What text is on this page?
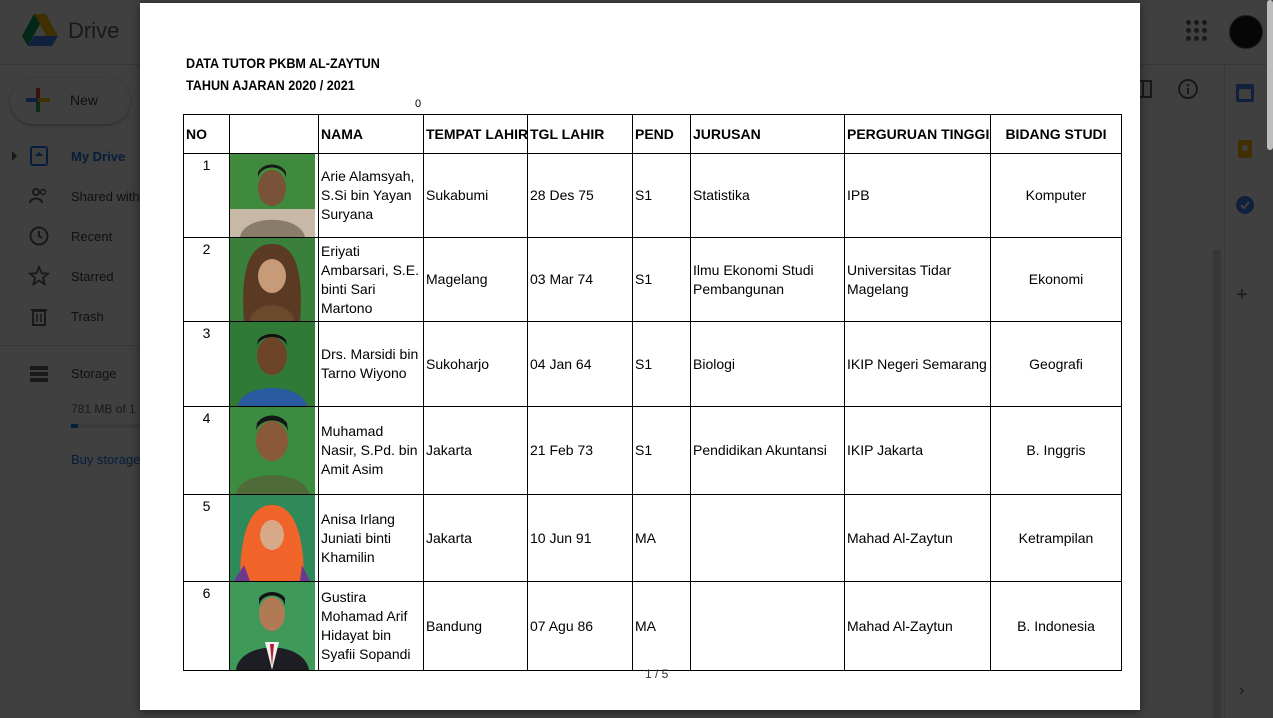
DATA TUTOR PKBM AL-ZAYTUN
TAHUN AJARAN 2020 / 2021
0
NO		NAMA	TEMPAT LAHIR	TGL LAHIR	PEND	JURUSAN	PERGURUAN TINGGI	BIDANG STUDI
1		Arie Alamsyah, S.Si bin Yayan Suryana	Sukabumi	28 Des 75	S1	Statistika	IPB	Komputer
2		Eriyati Ambarsari, S.E. binti Sari Martono	Magelang	03 Mar 74	S1	Ilmu Ekonomi Studi Pembangunan	Universitas Tidar Magelang	Ekonomi
3		Drs. Marsidi bin Tarno Wiyono	Sukoharjo	04 Jan 64	S1	Biologi	IKIP Negeri Semarang	Geografi
4		Muhamad Nasir, S.Pd. bin Amit Asim	Jakarta	21 Feb 73	S1	Pendidikan Akuntansi	IKIP Jakarta	B. Inggris
5		Anisa Irlang Juniati binti Khamilin	Jakarta	10 Jun 91	MA		Mahad Al-Zaytun	Ketrampilan
6		Gustira Mohamad Arif Hidayat bin Syafii Sopandi	Bandung	07 Agu 86	MA		Mahad Al-Zaytun	B. Indonesia
1 / 5
